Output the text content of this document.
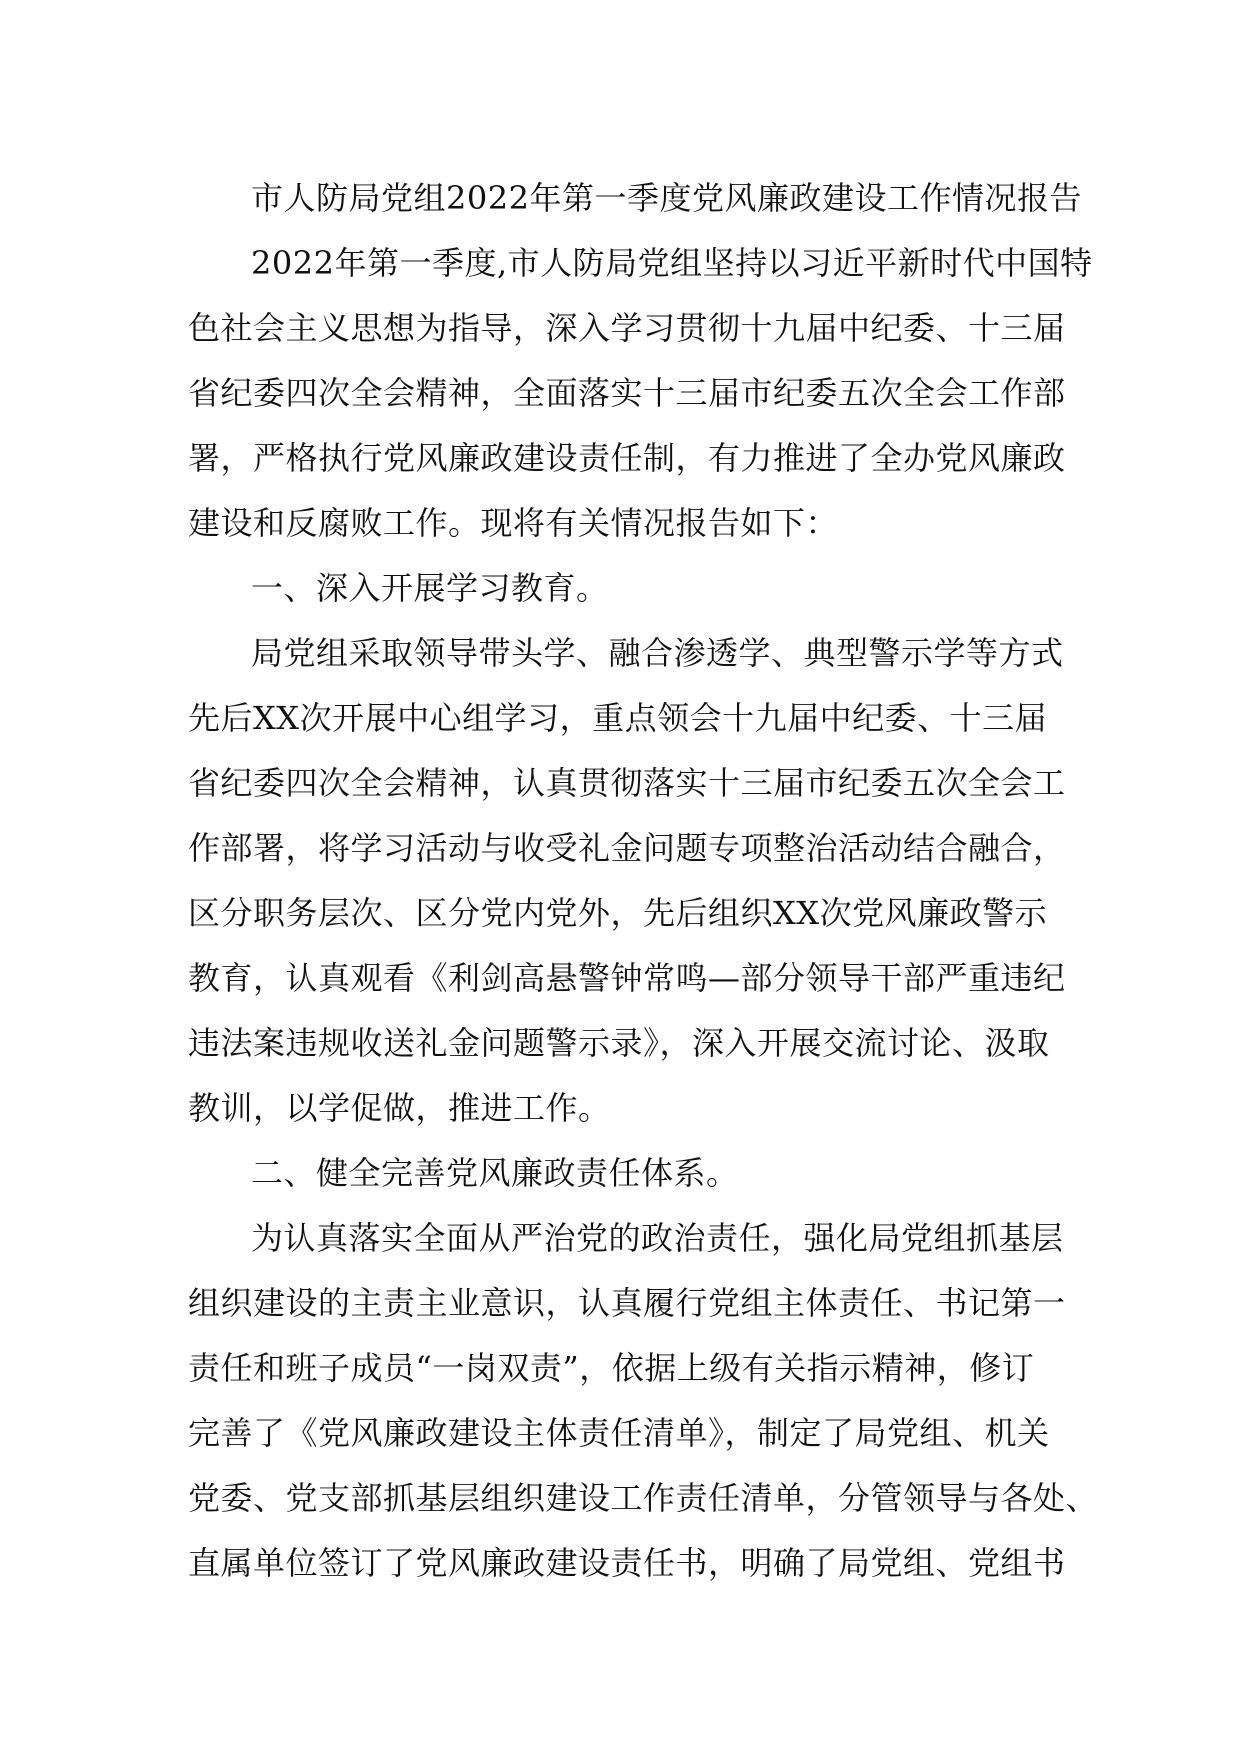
市人防局党组2022年第一季度党风廉政建设工作情况报告
2022年第一季度,市人防局党组坚持以习近平新时代中国特
色社会主义思想为指导，深入学习贯彻十九届中纪委、十三届
省纪委四次全会精神，全面落实十三届市纪委五次全会工作部
署，严格执行党风廉政建设责任制，有力推进了全办党风廉政
建设和反腐败工作。现将有关情况报告如下：
一、深入开展学习教育。
局党组采取领导带头学、融合渗透学、典型警示学等方式
先后XX次开展中心组学习，重点领会十九届中纪委、十三届
省纪委四次全会精神，认真贯彻落实十三届市纪委五次全会工
作部署，将学习活动与收受礼金问题专项整治活动结合融合，
区分职务层次、区分党内党外，先后组织XX次党风廉政警示
教育，认真观看《利剑高悬警钟常鸣—部分领导干部严重违纪
违法案违规收送礼金问题警示录》，深入开展交流讨论、汲取
教训，以学促做，推进工作。
二、健全完善党风廉政责任体系。
为认真落实全面从严治党的政治责任，强化局党组抓基层
组织建设的主责主业意识，认真履行党组主体责任、书记第一
责任和班子成员“一岗双责”，依据上级有关指示精神，修订
完善了《党风廉政建设主体责任清单》，制定了局党组、机关
党委、党支部抓基层组织建设工作责任清单，分管领导与各处、
直属单位签订了党风廉政建设责任书，明确了局党组、党组书
